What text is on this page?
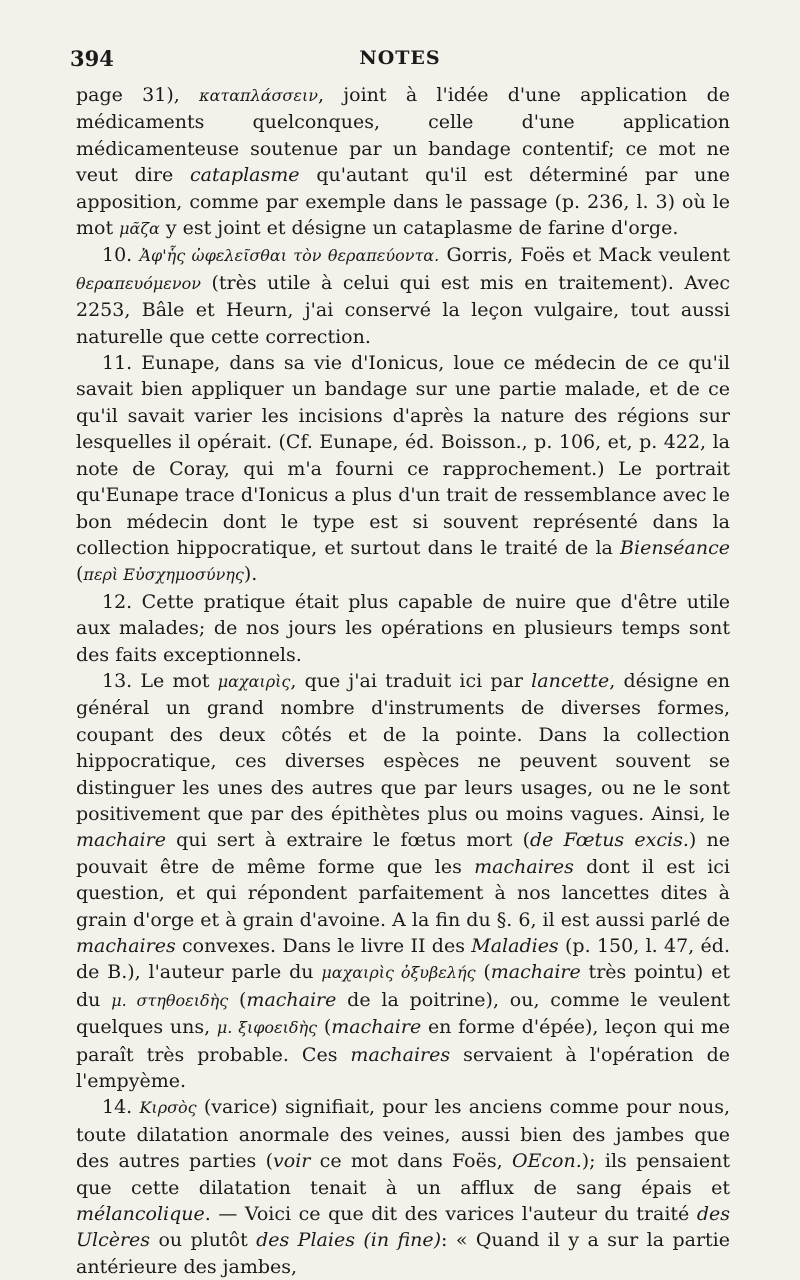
394	NOTES

page 31), καταπλάσσειν, joint à l'idée d'une application de médicaments quelconques, celle d'une application médicamenteuse soutenue par un bandage contentif; ce mot ne veut dire cataplasme qu'autant qu'il est déterminé par une apposition, comme par exemple dans le passage (p. 236, l. 3) où le mot μᾶζα y est joint et désigne un cataplasme de farine d'orge.

10. Ἀφ'ἧς ὠφελεῖσθαι τὸν θεραπεύοντα. Gorris, Foës et Mack veulent θεραπευόμενον (très utile à celui qui est mis en traitement). Avec 2253, Bâle et Heurn, j'ai conservé la leçon vulgaire, tout aussi naturelle que cette correction.

11. Eunape, dans sa vie d'Ionicus, loue ce médecin de ce qu'il savait bien appliquer un bandage sur une partie malade, et de ce qu'il savait varier les incisions d'après la nature des régions sur lesquelles il opérait. (Cf. Eunape, éd. Boisson., p. 106, et, p. 422, la note de Coray, qui m'a fourni ce rapprochement.) Le portrait qu'Eunape trace d'Ionicus a plus d'un trait de ressemblance avec le bon médecin dont le type est si souvent représenté dans la collection hippocratique, et surtout dans le traité de la Bienséance (περὶ Εὐσχημοσύνης).

12. Cette pratique était plus capable de nuire que d'être utile aux malades; de nos jours les opérations en plusieurs temps sont des faits exceptionnels.

13. Le mot μαχαιρὶς, que j'ai traduit ici par lancette, désigne en général un grand nombre d'instruments de diverses formes, coupant des deux côtés et de la pointe. Dans la collection hippocratique, ces diverses espèces ne peuvent souvent se distinguer les unes des autres que par leurs usages, ou ne le sont positivement que par des épithètes plus ou moins vagues. Ainsi, le machaire qui sert à extraire le fœtus mort (de Fœtus excis.) ne pouvait être de même forme que les machaires dont il est ici question, et qui répondent parfaitement à nos lancettes dites à grain d'orge et à grain d'avoine. A la fin du §. 6, il est aussi parlé de machaires convexes. Dans le livre II des Maladies (p. 150, l. 47, éd. de B.), l'auteur parle du μαχαιρὶς ὀξυβελής (machaire très pointu) et du μ. στηθοειδὴς (machaire de la poitrine), ou, comme le veulent quelques uns, μ. ξιφοειδὴς (machaire en forme d'épée), leçon qui me paraît très probable. Ces machaires servaient à l'opération de l'empyème.

14. Κιρσὸς (varice) signifiait, pour les anciens comme pour nous, toute dilatation anormale des veines, aussi bien des jambes que des autres parties (voir ce mot dans Foës, OEcon.); ils pensaient que cette dilatation tenait à un afflux de sang épais et mélancolique. — Voici ce que dit des varices l'auteur du traité des Ulcères ou plutôt des Plaies (in fine): « Quand il y a sur la partie antérieure des jambes,
